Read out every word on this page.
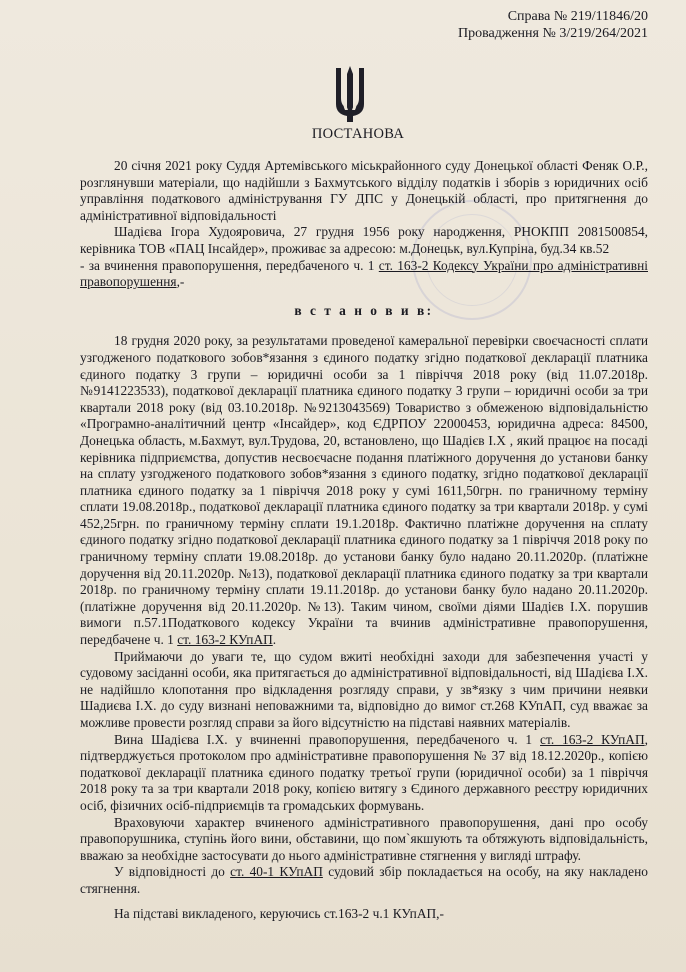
Справа № 219/11846/20
Провадження № 3/219/264/2021
ПОСТАНОВА

20 січня 2021 року Суддя Артемівського міськрайонного суду Донецької області Феняк О.Р., розглянувши матеріали, що надійшли з Бахмутського відділу податків і зборів з юридичних осіб управління податкового адміністрування ГУ ДПС у Донецькій області, про притягнення до адміністративної відповідальності

Шадієва Ігора Худояровича, 27 грудня 1956 року народження, РНОКПП 2081500854, керівника ТОВ «ПАЦ Інсайдер», проживає за адресою: м.Донецьк, вул.Купріна, буд.34 кв.52

- за вчинення правопорушення, передбаченого ч. 1 ст. 163-2 Кодексу України про адміністративні правопорушення,-

в с т а н о в и в:

18 грудня 2020 року, за результатами проведеної камеральної перевірки своєчасності сплати узгодженого податкового зобов*язання з єдиного податку згідно податкової декларації платника єдиного податку 3 групи – юридичні особи за 1 півріччя 2018 року (від 11.07.2018р. №9141223533), податкової декларації платника єдиного податку 3 групи – юридичні особи за три квартали 2018 року (від 03.10.2018р. №9213043569) Товариство з обмеженою відповідальністю «Програмно-аналітичний центр «Інсайдер», код ЄДРПОУ 22000453, юридична адреса: 84500, Донецька область, м.Бахмут, вул.Трудова, 20, встановлено, що Шадієв І.Х , який працює на посаді керівника підприємства, допустив несвоєчасне подання платіжного доручення до установи банку на сплату узгодженого податкового зобов*язання з єдиного податку, згідно податкової декларації платника єдиного податку за 1 півріччя 2018 року у сумі 1611,50грн. по граничному терміну сплати 19.08.2018р., податкової декларації платника єдиного податку за три квартали 2018р. у сумі 452,25грн. по граничному терміну сплати 19.1.2018р. Фактично платіжне доручення на сплату єдиного податку згідно податкової декларації платника єдиного податку за 1 півріччя 2018 року по граничному терміну сплати 19.08.2018р. до установи банку було надано 20.11.2020р. (платіжне доручення від 20.11.2020р. №13), податкової декларації платника єдиного податку за три квартали 2018р. по граничному терміну сплати 19.11.2018р. до установи банку було надано 20.11.2020р. (платіжне доручення від 20.11.2020р. №13). Таким чином, своїми діями Шадієв І.Х. порушив вимоги п.57.1Податкового кодексу України та вчинив адміністративне правопорушення, передбачене ч. 1 ст. 163-2 КУпАП.

Приймаючи до уваги те, що судом вжиті необхідні заходи для забезпечення участі у судовому засіданні особи, яка притягається до адміністративної відповідальності, від Шадієва І.Х. не надійшло клопотання про відкладення розгляду справи, у зв*язку з чим причини неявки Шадиєва І.Х. до суду визнані неповажними та, відповідно до вимог ст.268 КУпАП, суд вважає за можливе провести розгляд справи за його відсутністю на підставі наявних матеріалів.

Вина Шадієва І.Х. у вчиненні правопорушення, передбаченого ч. 1 ст. 163-2 КУпАП, підтверджується протоколом про адміністративне правопорушення № 37 від 18.12.2020р., копією податкової декларації платника єдиного податку третьої групи (юридичної особи) за 1 півріччя 2018 року та за три квартали 2018 року, копією витягу з Єдиного державного реєстру юридичних осіб, фізичних осіб-підприємців та громадських формувань.

Враховуючи характер вчиненого адміністративного правопорушення, дані про особу правопорушника, ступінь його вини, обставини, що пом`якшують та обтяжують відповідальність, вважаю за необхідне застосувати до нього адміністративне стягнення у вигляді штрафу.

У відповідності до ст. 40-1 КУпАП судовий збір покладається на особу, на яку накладено стягнення.

На підставі викладеного, керуючись ст.163-2 ч.1 КУпАП,-
